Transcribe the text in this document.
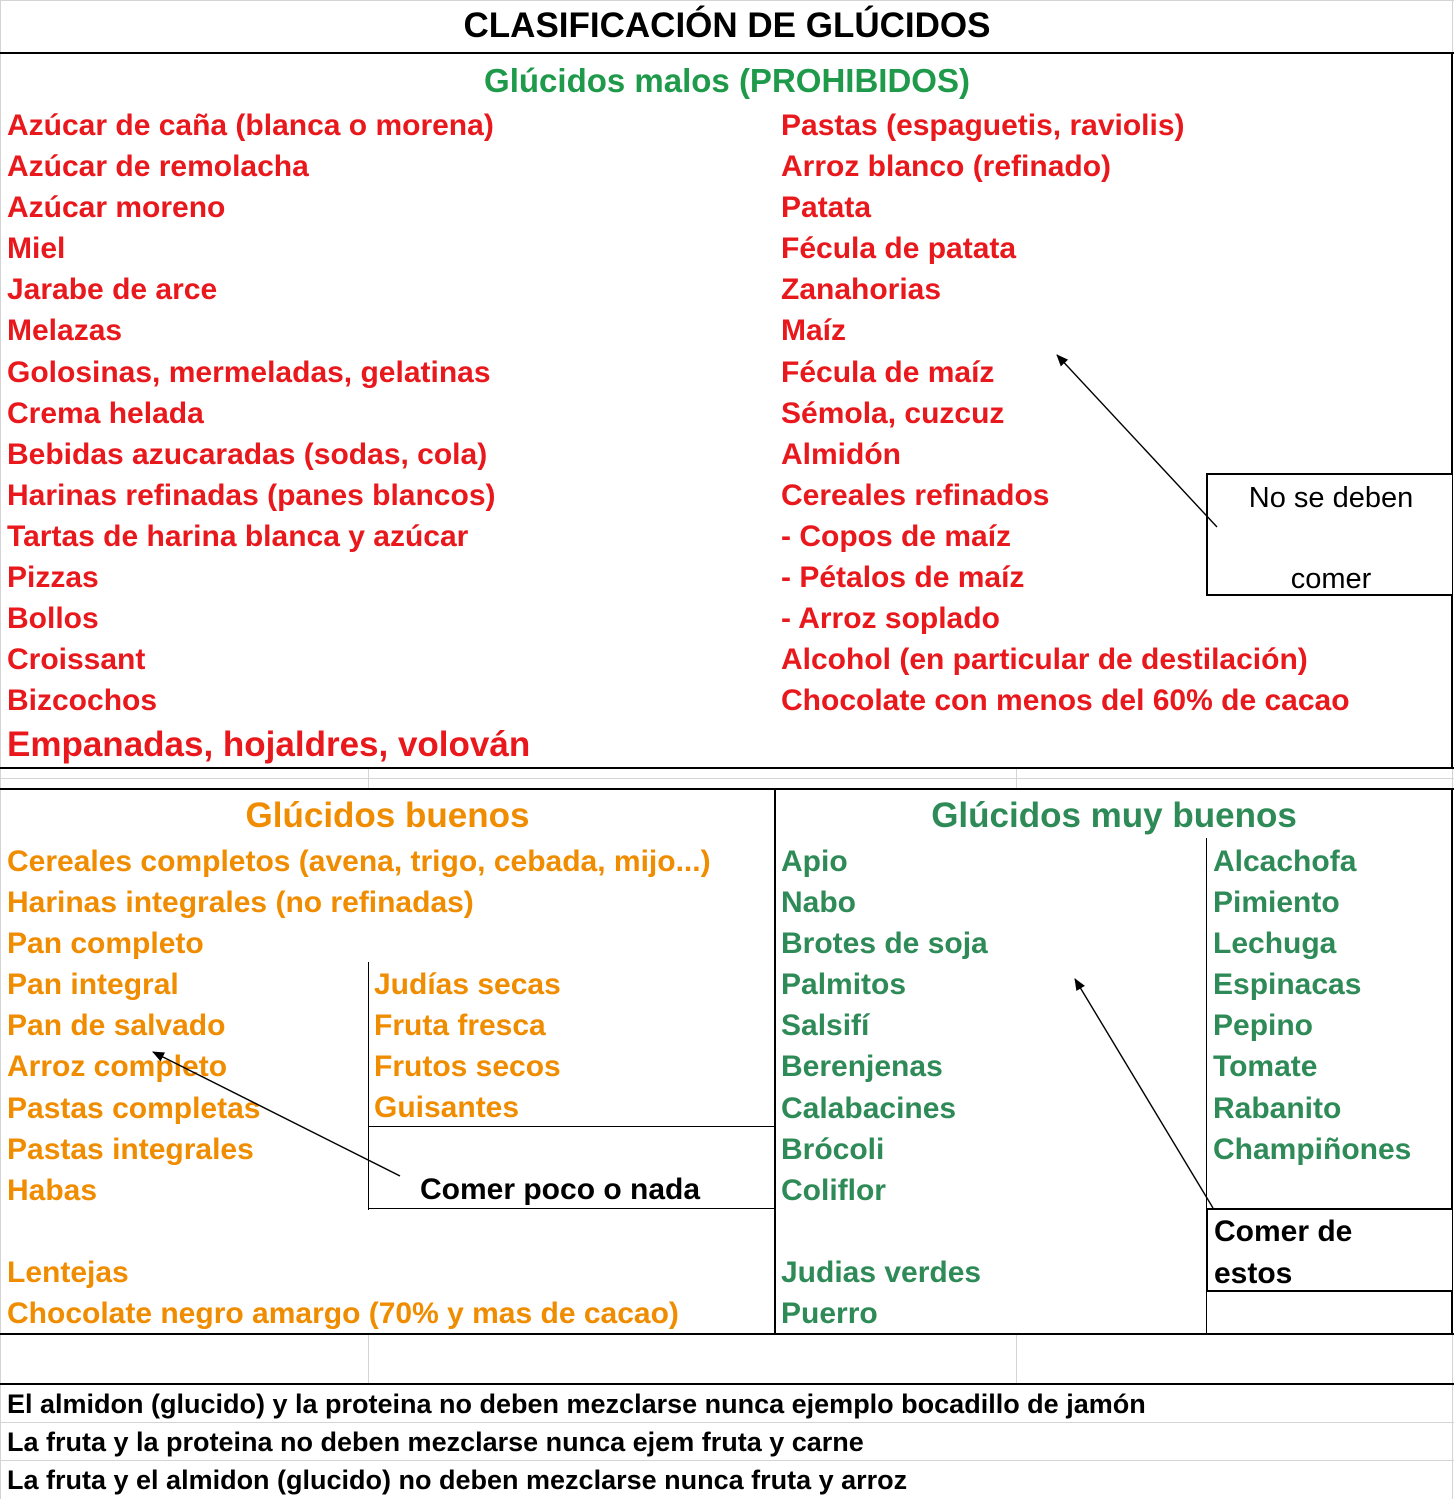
CLASIFICACIÓN DE GLÚCIDOS
Glúcidos malos (PROHIBIDOS)
Azúcar de caña (blanca o morena)
Azúcar de remolacha
Azúcar moreno
Miel
Jarabe de arce
Melazas
Golosinas, mermeladas, gelatinas
Crema helada
Bebidas azucaradas (sodas, cola)
Harinas refinadas (panes blancos)
Tartas de harina blanca y azúcar
Pizzas
Bollos
Croissant
Bizcochos
Empanadas, hojaldres, volován
Pastas (espaguetis, raviolis)
Arroz blanco (refinado)
Patata
Fécula de patata
Zanahorias
Maíz
Fécula de maíz
Sémola, cuzcuz
Almidón
Cereales refinados
- Copos de maíz
- Pétalos de maíz
- Arroz soplado
Alcohol (en particular de destilación)
Chocolate con menos del 60% de cacao
No se deben
comer
Glúcidos buenos
Cereales completos (avena, trigo, cebada, mijo...)
Harinas integrales (no refinadas)
Pan completo
Pan integral
Pan de salvado
Arroz completo
Pastas completas
Pastas integrales
Habas
Lentejas
Chocolate negro amargo (70% y mas de cacao)
Judías secas
Fruta fresca
Frutos secos
Guisantes
Comer poco o nada
Glúcidos muy buenos
Apio
Nabo
Brotes de soja
Palmitos
Salsifí
Berenjenas
Calabacines
Brócoli
Coliflor
Judias verdes
Puerro
Alcachofa
Pimiento
Lechuga
Espinacas
Pepino
Tomate
Rabanito
Champiñones
Comer de
estos
El almidon (glucido) y la proteina no deben mezclarse nunca ejemplo bocadillo de jamón
La fruta y la proteina no deben mezclarse nunca ejem fruta y carne
La fruta y el almidon (glucido) no deben mezclarse nunca fruta y arroz
